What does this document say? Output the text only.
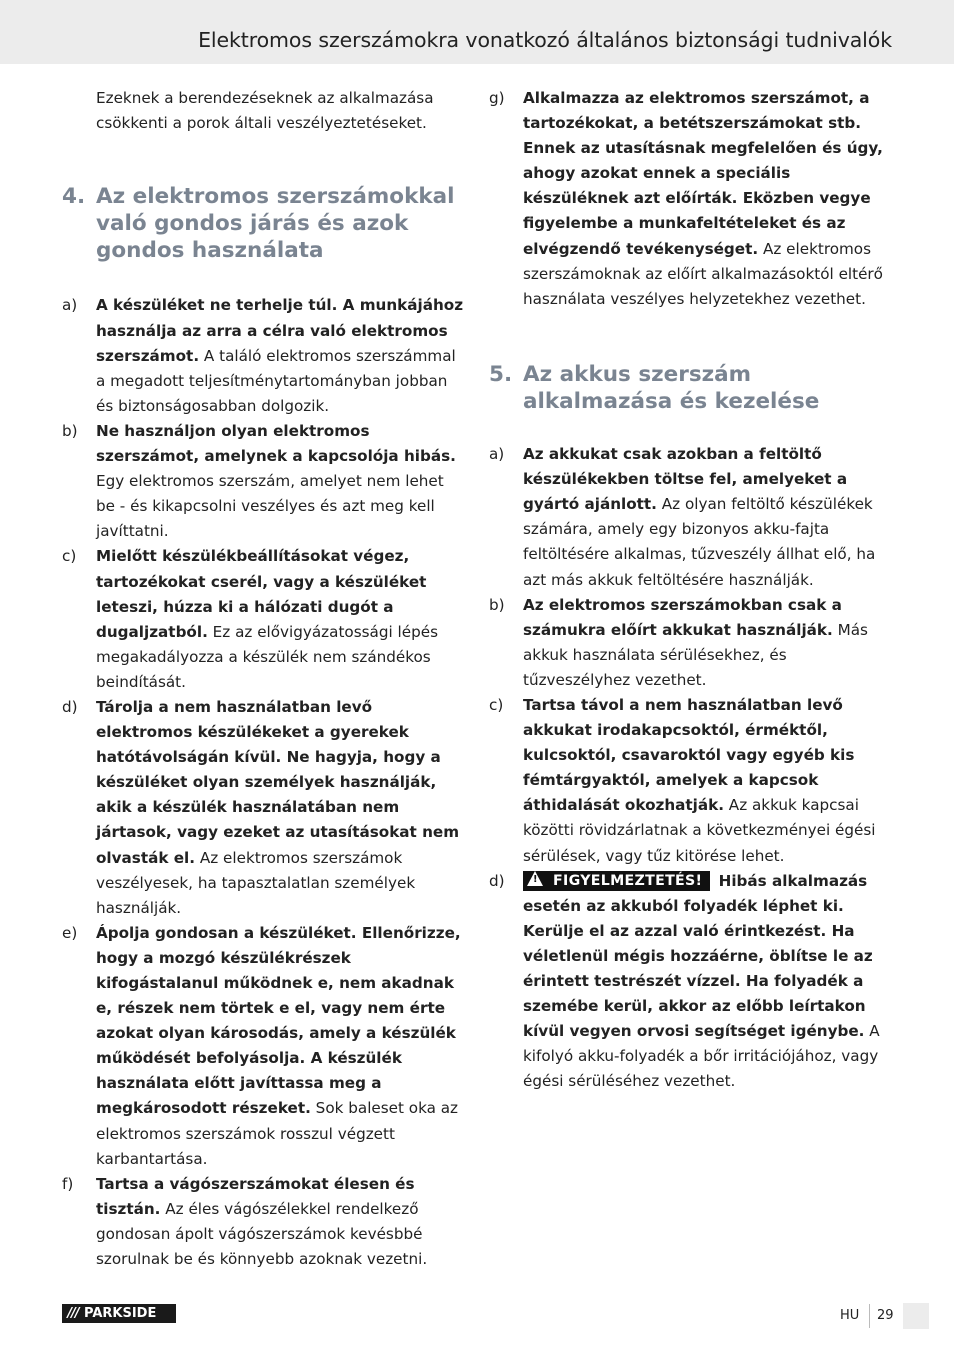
Elektromos szerszámokra vonatkozó általános biztonsági tudnivalók

Ezeknek a berendezéseknek az alkalmazása csökkenti a porok általi veszélyeztetéseket.

4. Az elektromos szerszámokkal való gondos járás és azok gondos használata
a) A készüléket ne terhelje túl. A munkájához használja az arra a célra való elektromos szerszámot. A találó elektromos szerszámmal a megadott teljesítménytartományban jobban és biztonságosabban dolgozik.
b) Ne használjon olyan elektromos szerszámot, amelynek a kapcsolója hibás. Egy elektromos szerszám, amelyet nem lehet be - és kikapcsolni veszélyes és azt meg kell javíttatni.
c) Mielőtt készülékbeállításokat végez, tartozékokat cserél, vagy a készüléket leteszi, húzza ki a hálózati dugót a dugaljzatból. Ez az elővigyázatossági lépés megakadályozza a készülék nem szándékos beindítását.
d) Tárolja a nem használatban levő elektromos készülékeket a gyerekek hatótávolságán kívül. Ne hagyja, hogy a készüléket olyan személyek használják, akik a készülék használatában nem jártasok, vagy ezeket az utasításokat nem olvasták el. Az elektromos szerszámok veszélyesek, ha tapasztalatlan személyek használják.
e) Ápolja gondosan a készüléket. Ellenőrizze, hogy a mozgó készülékrészek kifogástalanul működnek e, nem akadnak e, részek nem törtek e el, vagy nem érte azokat olyan károsodás, amely a készülék működését befolyásolja. A készülék használata előtt javíttassa meg a megkárosodott részeket. Sok baleset oka az elektromos szerszámok rosszul végzett karbantartása.
f) Tartsa a vágószerszámokat élesen és tisztán. Az éles vágószélekkel rendelkező gondosan ápolt vágószerszámok kevésbbé szorulnak be és könnyebb azoknak vezetni.
g) Alkalmazza az elektromos szerszámot, a tartozékokat, a betétszerszámokat stb. Ennek az utasításnak megfelelően és úgy, ahogy azokat ennek a speciális készüléknek azt előírták. Eközben vegye figyelembe a munkafeltételeket és az elvégzendő tevékenységet. Az elektromos szerszámoknak az előírt alkalmazásoktól eltérő használata veszélyes helyzetekhez vezethet.
5. Az akkus szerszám alkalmazása és kezelése
a) Az akkukat csak azokban a feltöltő készülékekben töltse fel, amelyeket a gyártó ajánlott. Az olyan feltöltő készülékek számára, amely egy bizonyos akku-fajta feltöltésére alkalmas, tűzveszély állhat elő, ha azt más akkuk feltöltésére használják.
b) Az elektromos szerszámokban csak a számukra előírt akkukat használják. Más akkuk használata sérülésekhez, és tűzveszélyhez vezethet.
c) Tartsa távol a nem használatban levő akkukat irodakapcsoktól, érméktől, kulcsoktól, csavaroktól vagy egyéb kis fémtárgyaktól, amelyek a kapcsok áthidalását okozhatják. Az akkuk kapcsai közötti rövidzárlatnak a következményei égési sérülések, vagy tűz kitörése lehet.
d)	! FIGYELMEZTETÉS! Hibás alkalmazás esetén az akkuból folyadék léphet ki. Kerülje el az azzal való érintkezést. Ha véletlenül mégis hozzáérne, öblítse le az érintett testrészét vízzel. Ha folyadék a szemébe kerül, akkor az előbb leírtakon kívül vegyen orvosi segítséget igénybe. A kifolyó akku-folyadék a bőr irritációjához, vagy égési sérüléséhez vezethet.
/// PARKSIDE	HU 29
